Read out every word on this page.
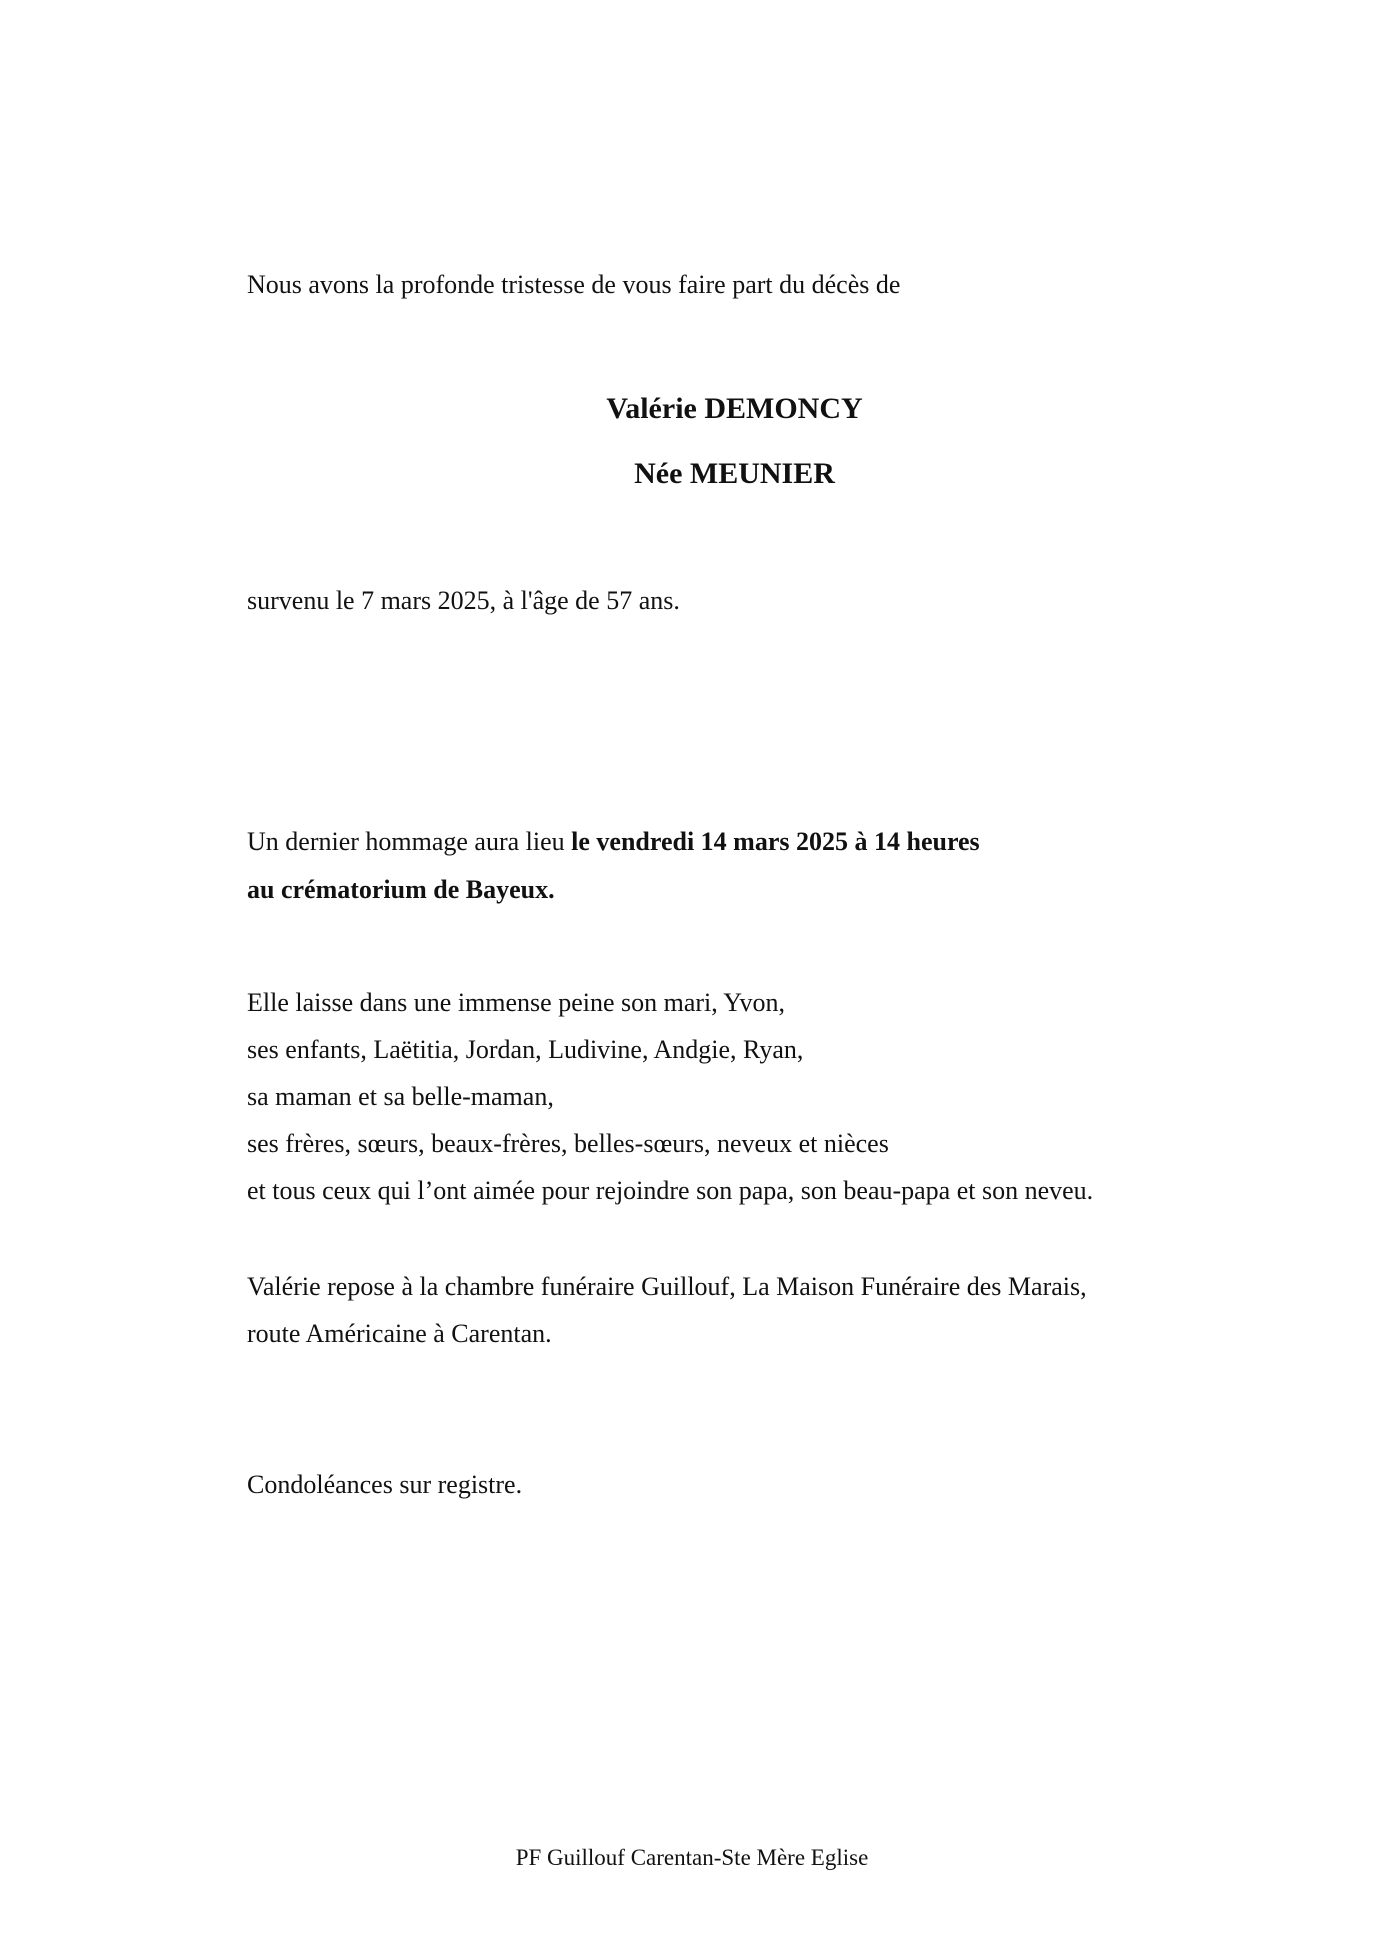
Nous avons la profonde tristesse de vous faire part du décès de
Valérie DEMONCY
Née MEUNIER
survenu le 7 mars 2025, à l'âge de 57 ans.
Un dernier hommage aura lieu le vendredi 14 mars 2025 à 14 heures
au crématorium de Bayeux.
Elle laisse dans une immense peine son mari, Yvon,
ses enfants, Laëtitia, Jordan, Ludivine, Andgie, Ryan,
sa maman et sa belle-maman,
ses frères, sœurs, beaux-frères, belles-sœurs, neveux et nièces
et tous ceux qui l’ont aimée pour rejoindre son papa, son beau-papa et son neveu.
Valérie repose à la chambre funéraire Guillouf, La Maison Funéraire des Marais,
route Américaine à Carentan.
Condoléances sur registre.
PF Guillouf Carentan-Ste Mère Eglise
